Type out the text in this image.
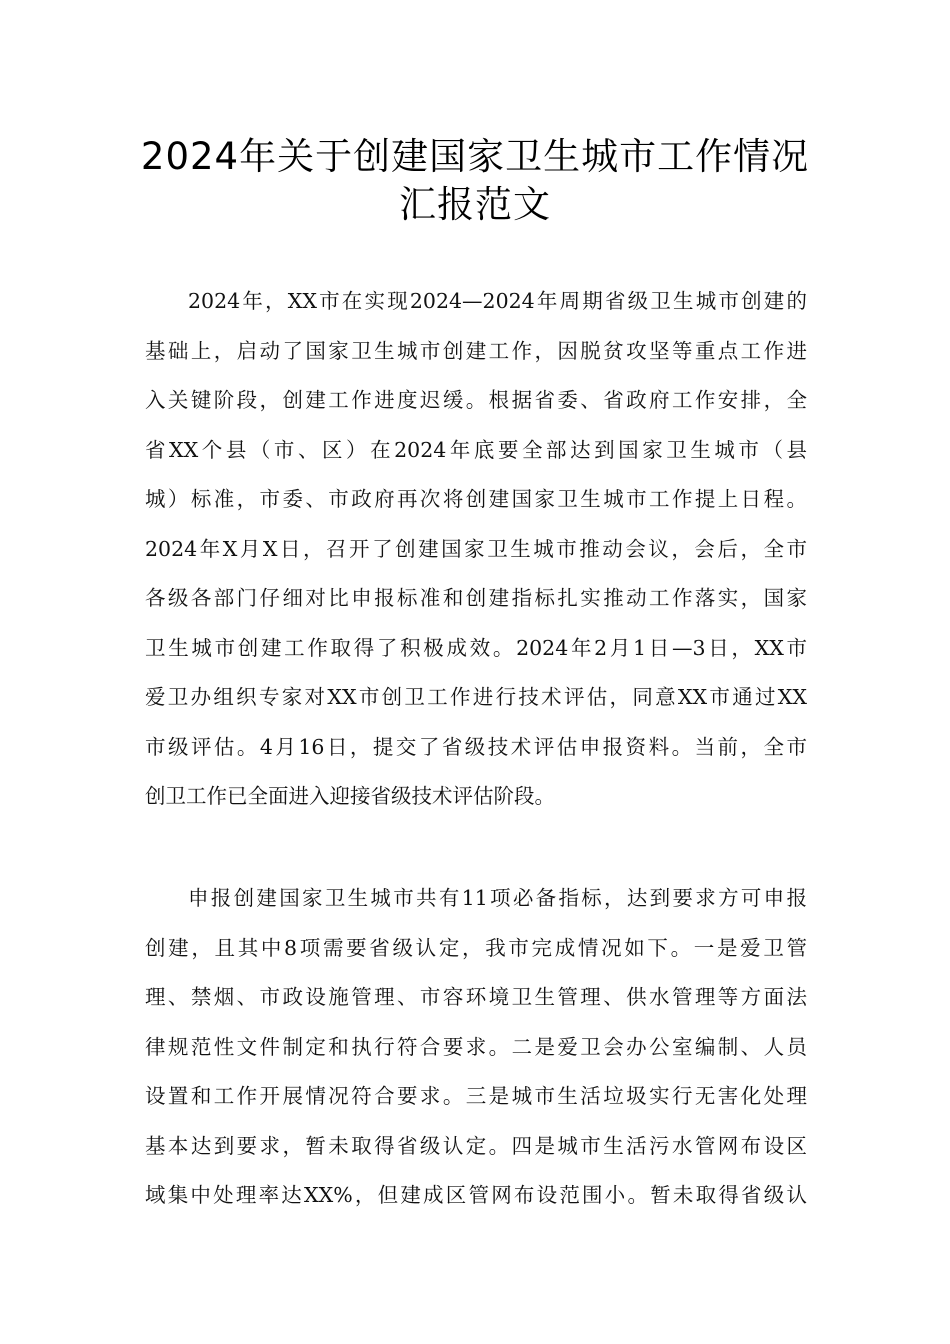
2024年关于创建国家卫生城市工作情况
汇报范文
2024年，XX市在实现2024—2024年周期省级卫生城市创建的
基础上，启动了国家卫生城市创建工作，因脱贫攻坚等重点工作进
入关键阶段，创建工作进度迟缓。根据省委、省政府工作安排，全
省XX个县（市、区）在2024年底要全部达到国家卫生城市（县
城）标准，市委、市政府再次将创建国家卫生城市工作提上日程。
2024年X月X日，召开了创建国家卫生城市推动会议，会后，全市
各级各部门仔细对比申报标准和创建指标扎实推动工作落实，国家
卫生城市创建工作取得了积极成效。2024年2月1日—3日，XX市
爱卫办组织专家对XX市创卫工作进行技术评估，同意XX市通过XX
市级评估。4月16日，提交了省级技术评估申报资料。当前，全市
创卫工作已全面进入迎接省级技术评估阶段。
申报创建国家卫生城市共有11项必备指标，达到要求方可申报
创建，且其中8项需要省级认定，我市完成情况如下。一是爱卫管
理、禁烟、市政设施管理、市容环境卫生管理、供水管理等方面法
律规范性文件制定和执行符合要求。二是爱卫会办公室编制、人员
设置和工作开展情况符合要求。三是城市生活垃圾实行无害化处理
基本达到要求，暂未取得省级认定。四是城市生活污水管网布设区
域集中处理率达XX%，但建成区管网布设范围小。暂未取得省级认
